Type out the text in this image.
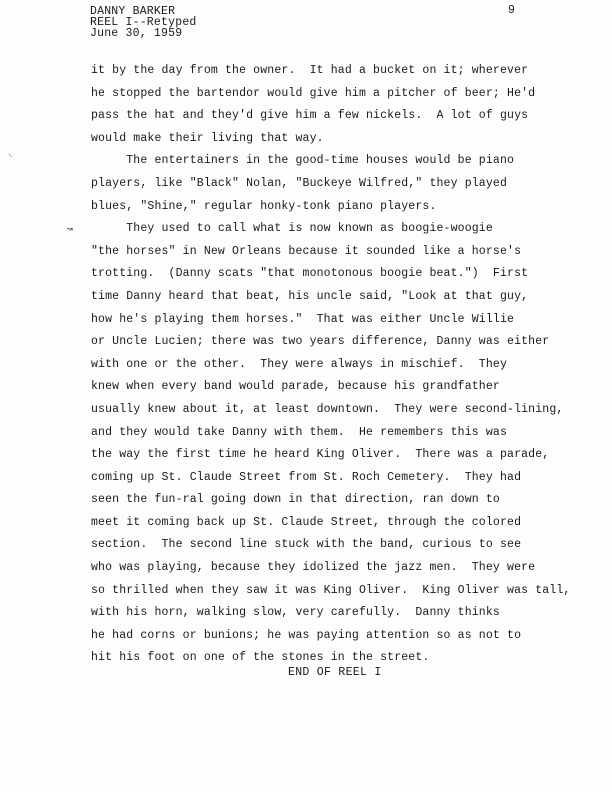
DANNY BARKER
REEL I--Retyped
June 30, 1959
9
⸌
↝
it by the day from the owner.  It had a bucket on it; wherever
he stopped the bartendor would give him a pitcher of beer; He'd
pass the hat and they'd give him a few nickels.  A lot of guys
would make their living that way.
The entertainers in the good-time houses would be piano
players, like "Black" Nolan, "Buckeye Wilfred," they played
blues, "Shine," regular honky-tonk piano players.
They used to call what is now known as boogie-woogie
"the horses" in New Orleans because it sounded like a horse's
trotting.  (Danny scats "that monotonous boogie beat.")  First
time Danny heard that beat, his uncle said, "Look at that guy,
how he's playing them horses."  That was either Uncle Willie
or Uncle Lucien; there was two years difference, Danny was either
with one or the other.  They were always in mischief.  They
knew when every band would parade, because his grandfather
usually knew about it, at least downtown.  They were second-lining,
and they would take Danny with them.  He remembers this was
the way the first time he heard King Oliver.  There was a parade,
coming up St. Claude Street from St. Roch Cemetery.  They had
seen the fun-ral going down in that direction, ran down to
meet it coming back up St. Claude Street, through the colored
section.  The second line stuck with the band, curious to see
who was playing, because they idolized the jazz men.  They were
so thrilled when they saw it was King Oliver.  King Oliver was tall,
with his horn, walking slow, very carefully.  Danny thinks
he had corns or bunions; he was paying attention so as not to
hit his foot on one of the stones in the street.
END OF REEL I
